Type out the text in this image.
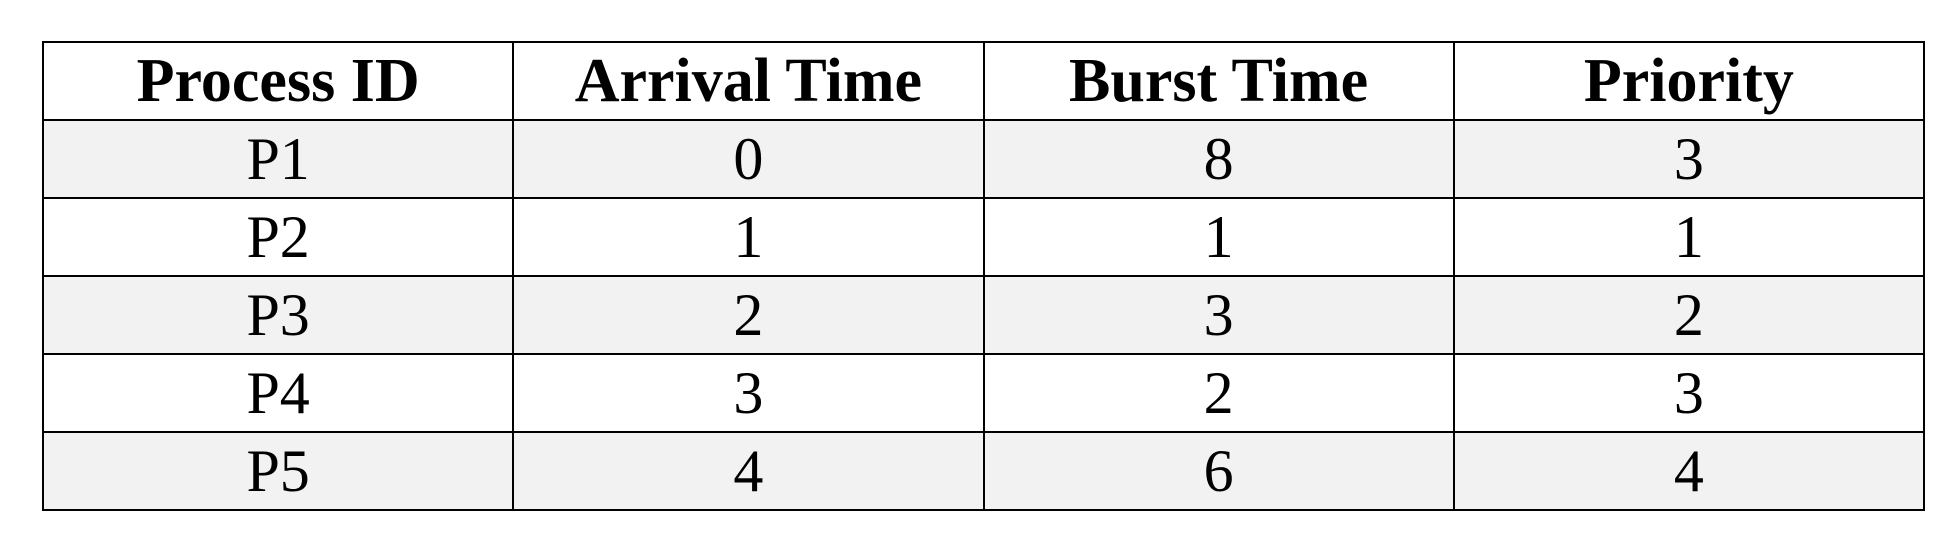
Process ID	Arrival Time	Burst Time	Priority
P1	0	8	3
P2	1	1	1
P3	2	3	2
P4	3	2	3
P5	4	6	4
